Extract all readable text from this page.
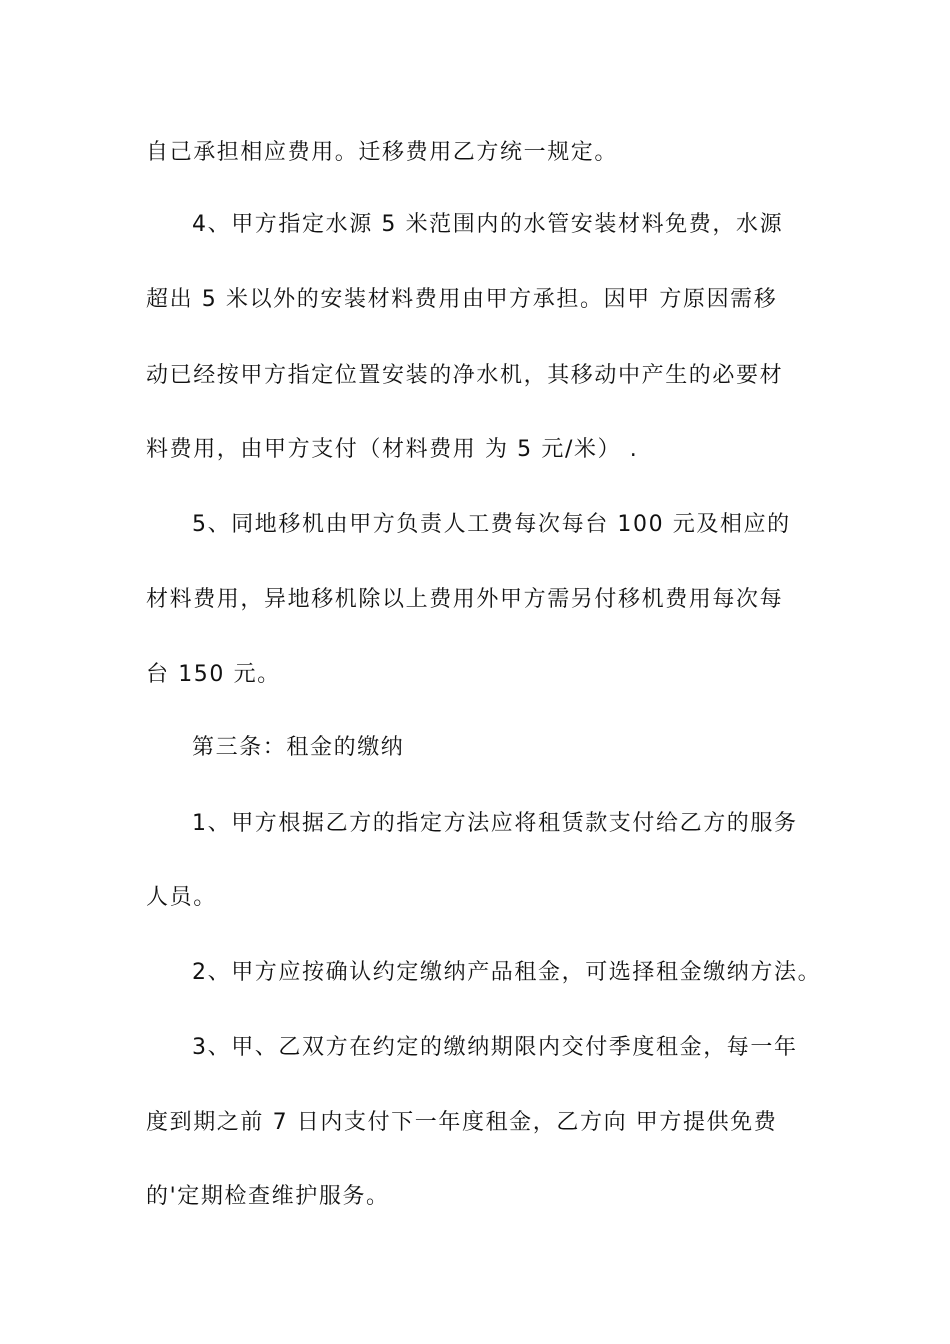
自己承担相应费用。迁移费用乙方统一规定。
4、甲方指定水源 5 米范围内的水管安装材料免费，水源
超出 5 米以外的安装材料费用由甲方承担。因甲 方原因需移
动已经按甲方指定位置安装的净水机，其移动中产生的必要材
料费用，由甲方支付（材料费用 为 5 元/米） .
5、同地移机由甲方负责人工费每次每台 100 元及相应的
材料费用，异地移机除以上费用外甲方需另付移机费用每次每
台 150 元。
第三条：租金的缴纳
1、甲方根据乙方的指定方法应将租赁款支付给乙方的服务
人员。
2、甲方应按确认约定缴纳产品租金，可选择租金缴纳方法。
3、甲、乙双方在约定的缴纳期限内交付季度租金，每一年
度到期之前 7 日内支付下一年度租金，乙方向 甲方提供免费
的'定期检查维护服务。
